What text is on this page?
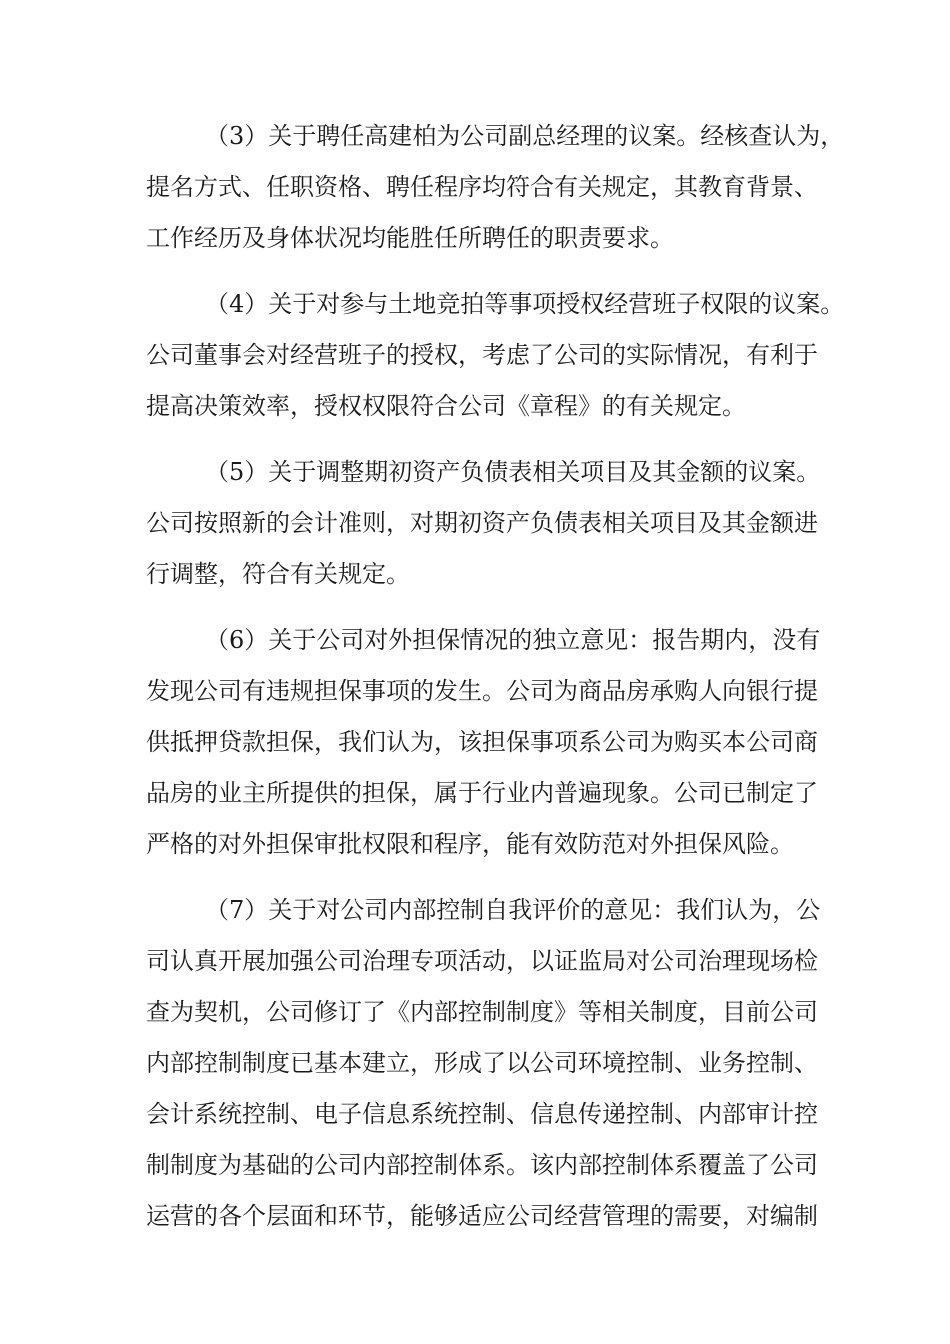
（3）关于聘任高建柏为公司副总经理的议案。经核查认为，
提名方式、任职资格、聘任程序均符合有关规定，其教育背景、
工作经历及身体状况均能胜任所聘任的职责要求。
（4）关于对参与土地竞拍等事项授权经营班子权限的议案。
公司董事会对经营班子的授权，考虑了公司的实际情况，有利于
提高决策效率，授权权限符合公司《章程》的有关规定。
（5）关于调整期初资产负债表相关项目及其金额的议案。
公司按照新的会计准则，对期初资产负债表相关项目及其金额进
行调整，符合有关规定。
（6）关于公司对外担保情况的独立意见：报告期内，没有
发现公司有违规担保事项的发生。公司为商品房承购人向银行提
供抵押贷款担保，我们认为，该担保事项系公司为购买本公司商
品房的业主所提供的担保，属于行业内普遍现象。公司已制定了
严格的对外担保审批权限和程序，能有效防范对外担保风险。
（7）关于对公司内部控制自我评价的意见：我们认为，公
司认真开展加强公司治理专项活动，以证监局对公司治理现场检
查为契机，公司修订了《内部控制制度》等相关制度，目前公司
内部控制制度已基本建立，形成了以公司环境控制、业务控制、
会计系统控制、电子信息系统控制、信息传递控制、内部审计控
制制度为基础的公司内部控制体系。该内部控制体系覆盖了公司
运营的各个层面和环节，能够适应公司经营管理的需要，对编制
